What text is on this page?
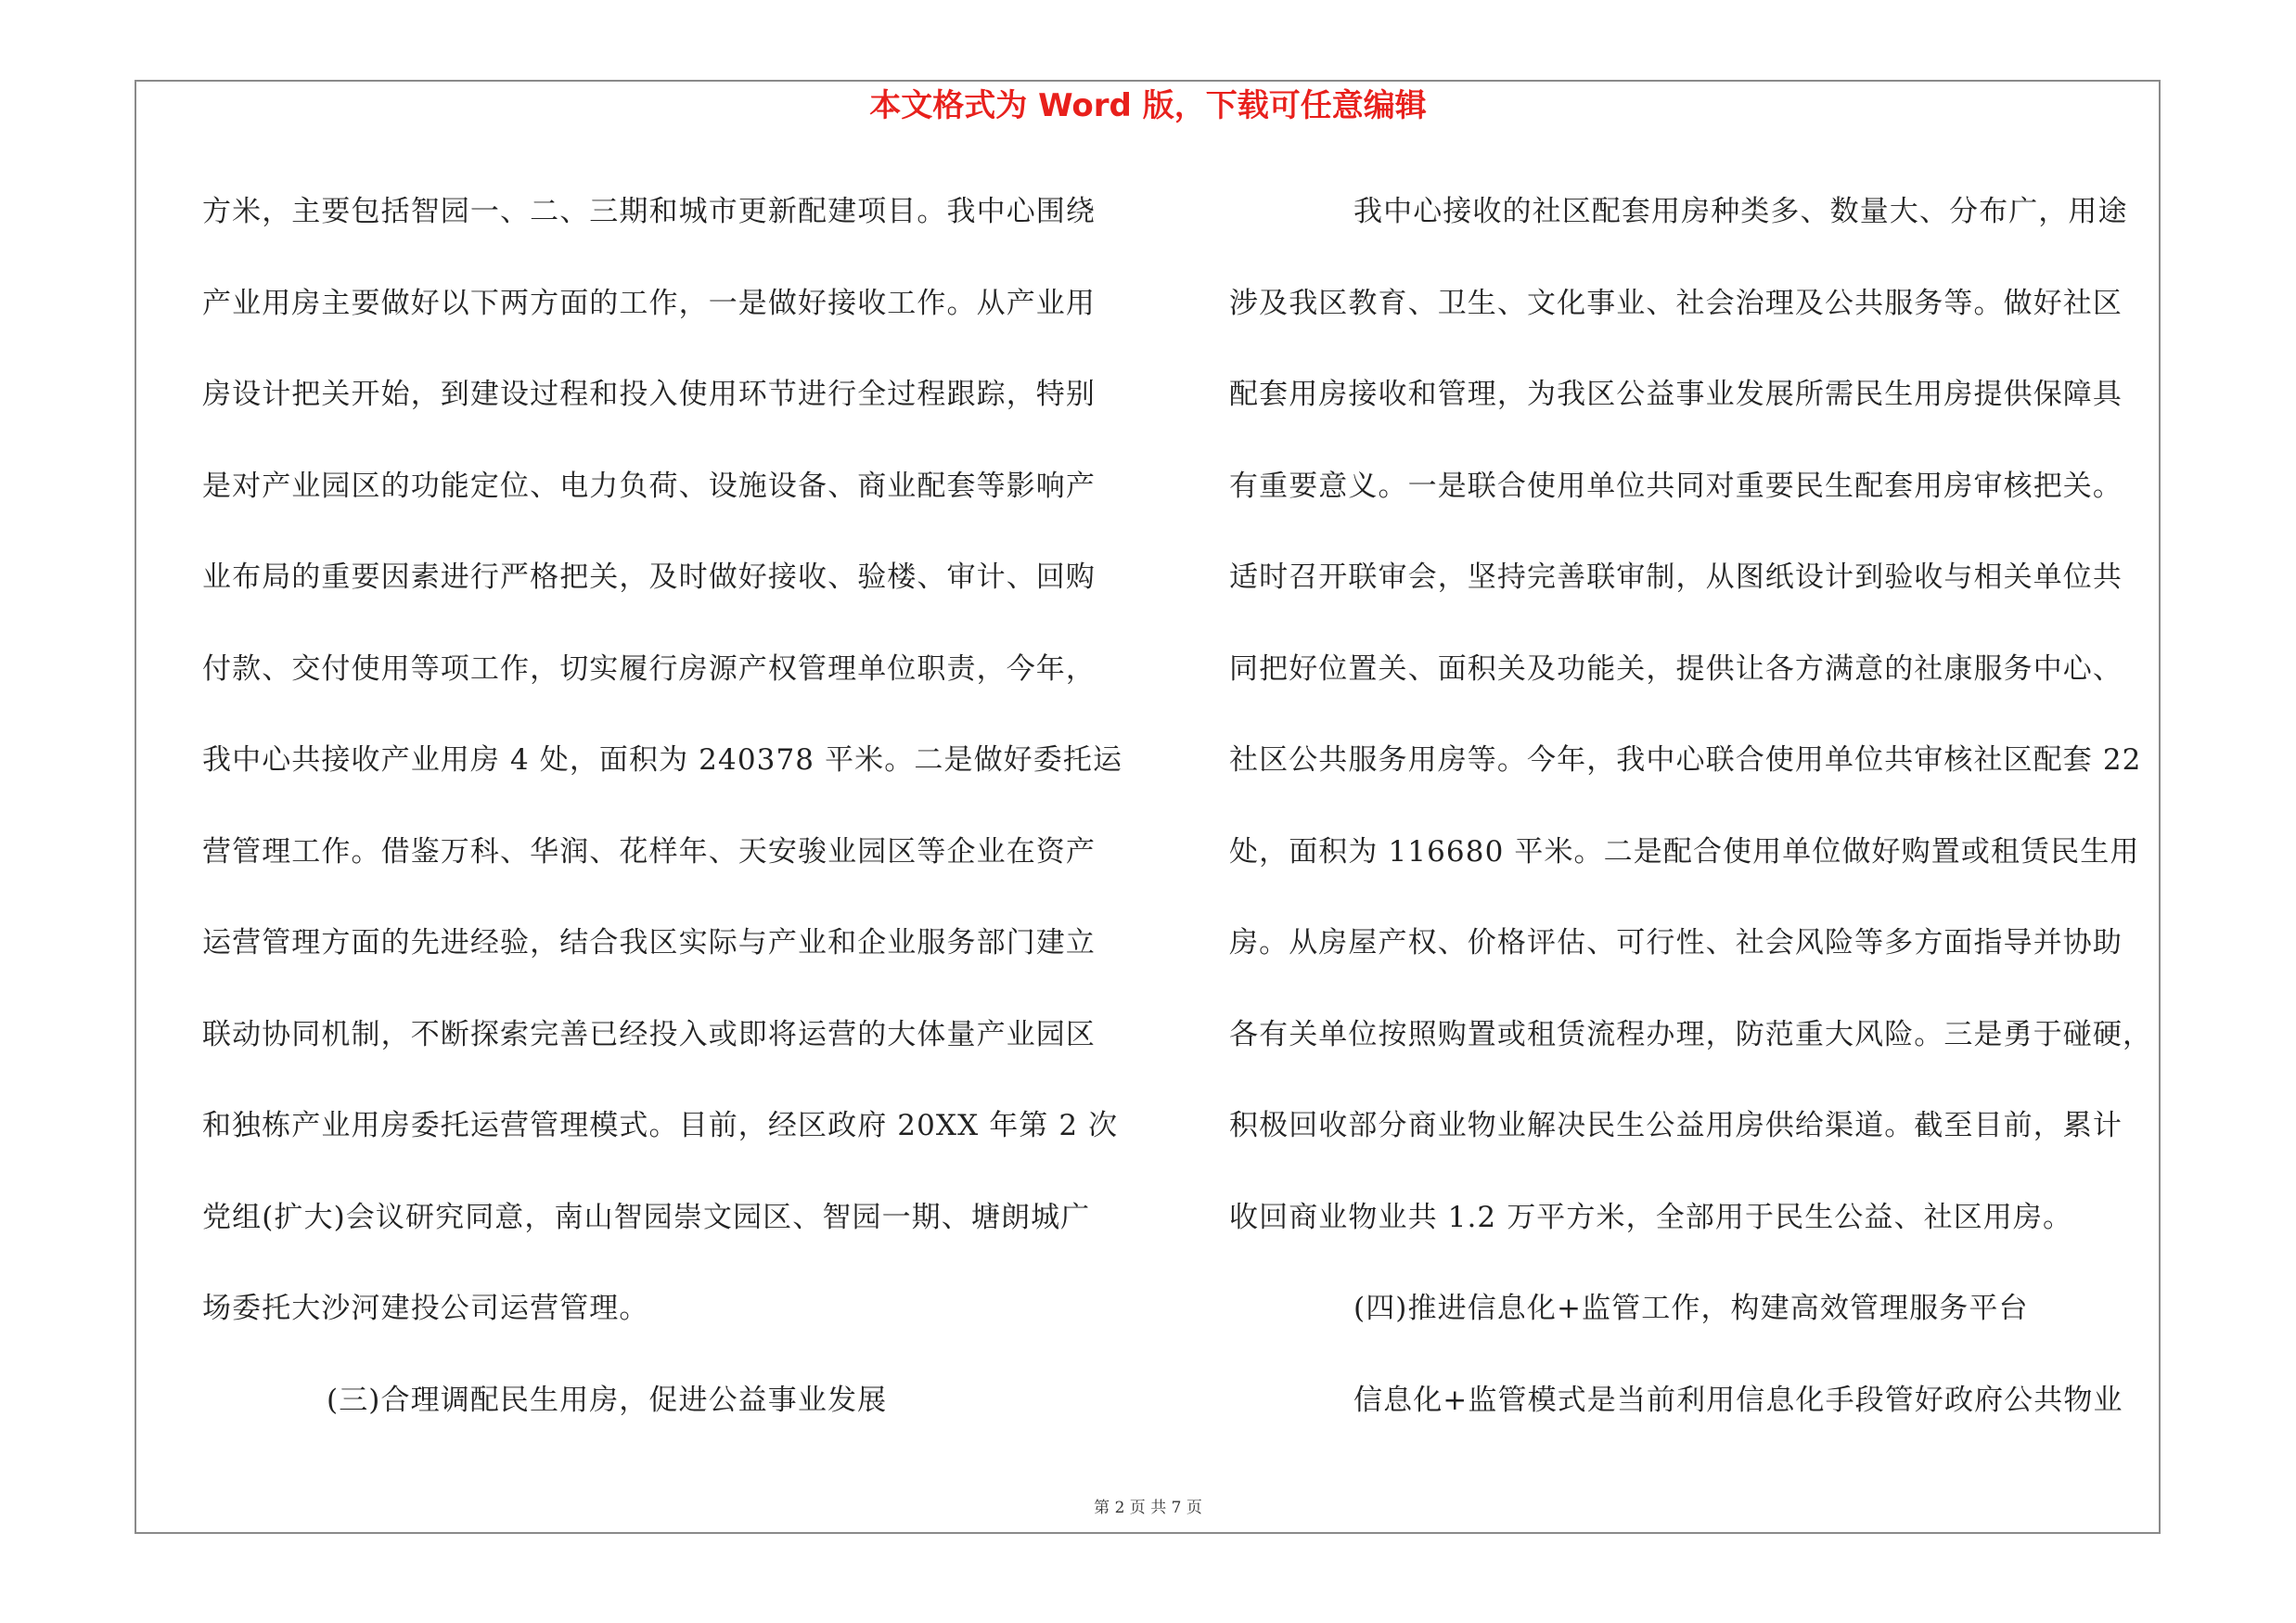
本文格式为 Word 版，下载可任意编辑
方米，主要包括智园一、二、三期和城市更新配建项目。我中心围绕
产业用房主要做好以下两方面的工作，一是做好接收工作。从产业用
房设计把关开始，到建设过程和投入使用环节进行全过程跟踪，特别
是对产业园区的功能定位、电力负荷、设施设备、商业配套等影响产
业布局的重要因素进行严格把关，及时做好接收、验楼、审计、回购
付款、交付使用等项工作，切实履行房源产权管理单位职责，今年，
我中心共接收产业用房 4 处，面积为 240378 平米。二是做好委托运
营管理工作。借鉴万科、华润、花样年、天安骏业园区等企业在资产
运营管理方面的先进经验，结合我区实际与产业和企业服务部门建立
联动协同机制，不断探索完善已经投入或即将运营的大体量产业园区
和独栋产业用房委托运营管理模式。目前，经区政府 20XX 年第 2 次
党组(扩大)会议研究同意，南山智园崇文园区、智园一期、塘朗城广
场委托大沙河建投公司运营管理。
(三)合理调配民生用房，促进公益事业发展
我中心接收的社区配套用房种类多、数量大、分布广，用途
涉及我区教育、卫生、文化事业、社会治理及公共服务等。做好社区
配套用房接收和管理，为我区公益事业发展所需民生用房提供保障具
有重要意义。一是联合使用单位共同对重要民生配套用房审核把关。
适时召开联审会，坚持完善联审制，从图纸设计到验收与相关单位共
同把好位置关、面积关及功能关，提供让各方满意的社康服务中心、
社区公共服务用房等。今年，我中心联合使用单位共审核社区配套 22
处，面积为 116680 平米。二是配合使用单位做好购置或租赁民生用
房。从房屋产权、价格评估、可行性、社会风险等多方面指导并协助
各有关单位按照购置或租赁流程办理，防范重大风险。三是勇于碰硬，
积极回收部分商业物业解决民生公益用房供给渠道。截至目前，累计
收回商业物业共 1.2 万平方米，全部用于民生公益、社区用房。
(四)推进信息化+监管工作，构建高效管理服务平台
信息化+监管模式是当前利用信息化手段管好政府公共物业
第 2 页 共 7 页
